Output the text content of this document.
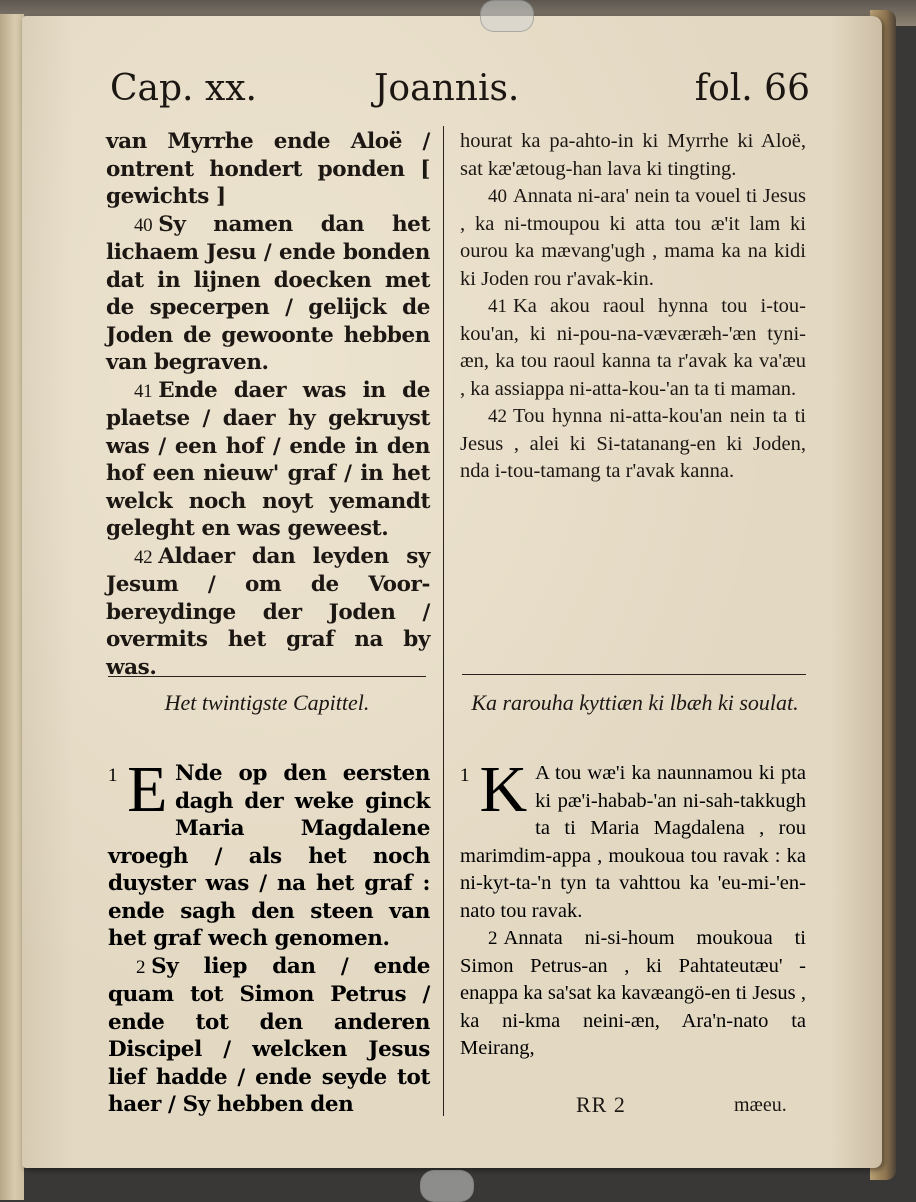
Cap. xx.	Joannis.	fol. 66

van Myrrhe ende Aloë / ontrent hondert ponden [ gewichts ]

40 Sy namen dan het lichaem Jesu / ende bonden dat in lijnen doecken met de specerpen / gelijck de Joden de gewoonte hebben van begraven.

41 Ende daer was in de plaetse / daer hy gekruyst was / een hof / ende in den hof een nieuw' graf / in het welck noch noyt yemandt geleght en was geweest.

42 Aldaer dan leyden sy Jesum / om de Voor-bereydinge der Joden / overmits het graf na by was.

Het twintigste Capittel.

1 E Nde op den eersten dagh der weke ginck Maria Magdalene vroegh / als het noch duyster was / na het graf : ende sagh den steen van het graf wech genomen.

2 Sy liep dan / ende quam tot Simon Petrus / ende tot den anderen Discipel / welcken Jesus lief hadde / ende seyde tot haer / Sy hebben den

hourat ka pa-ahto-in ki Myrrhe ki Aloë, sat kæ'ætoug-han lava ki tingting.

40 Annata ni-ara' nein ta vouel ti Jesus , ka ni-tmoupou ki atta tou æ'it lam ki ourou ka mævang'ugh , mama ka na kidi ki Joden rou r'avak-kin.

41 Ka akou raoul hynna tou i-tou-kou'an, ki ni-pou-na-væværæh-'æn tyni-æn, ka tou raoul kanna ta r'avak ka va'æu , ka assiappa ni-atta-kou-'an ta ti maman.

42 Tou hynna ni-atta-kou'an nein ta ti Jesus , alei ki Si-tatanang-en ki Joden, nda i-tou-tamang ta r'avak kanna.

Ka rarouha kyttiæn ki lbæh ki soulat.

1 K A tou wæ'i ka naunnamou ki pta ki pæ'i-habab-'an ni-sah-takkugh ta ti Maria Magdalena , rou marimdim-appa , moukoua tou ravak : ka ni-kyt-ta-'n tyn ta vahttou ka 'eu-mi-'en-nato tou ravak.

2 Annata ni-si-houm moukoua ti Simon Petrus-an , ki Pahtateutæu' - enappa ka sa'sat ka kavæangö-en ti Jesus , ka ni-kma neini-æn, Ara'n-nato ta Meirang,

RR 2	mæeu.
